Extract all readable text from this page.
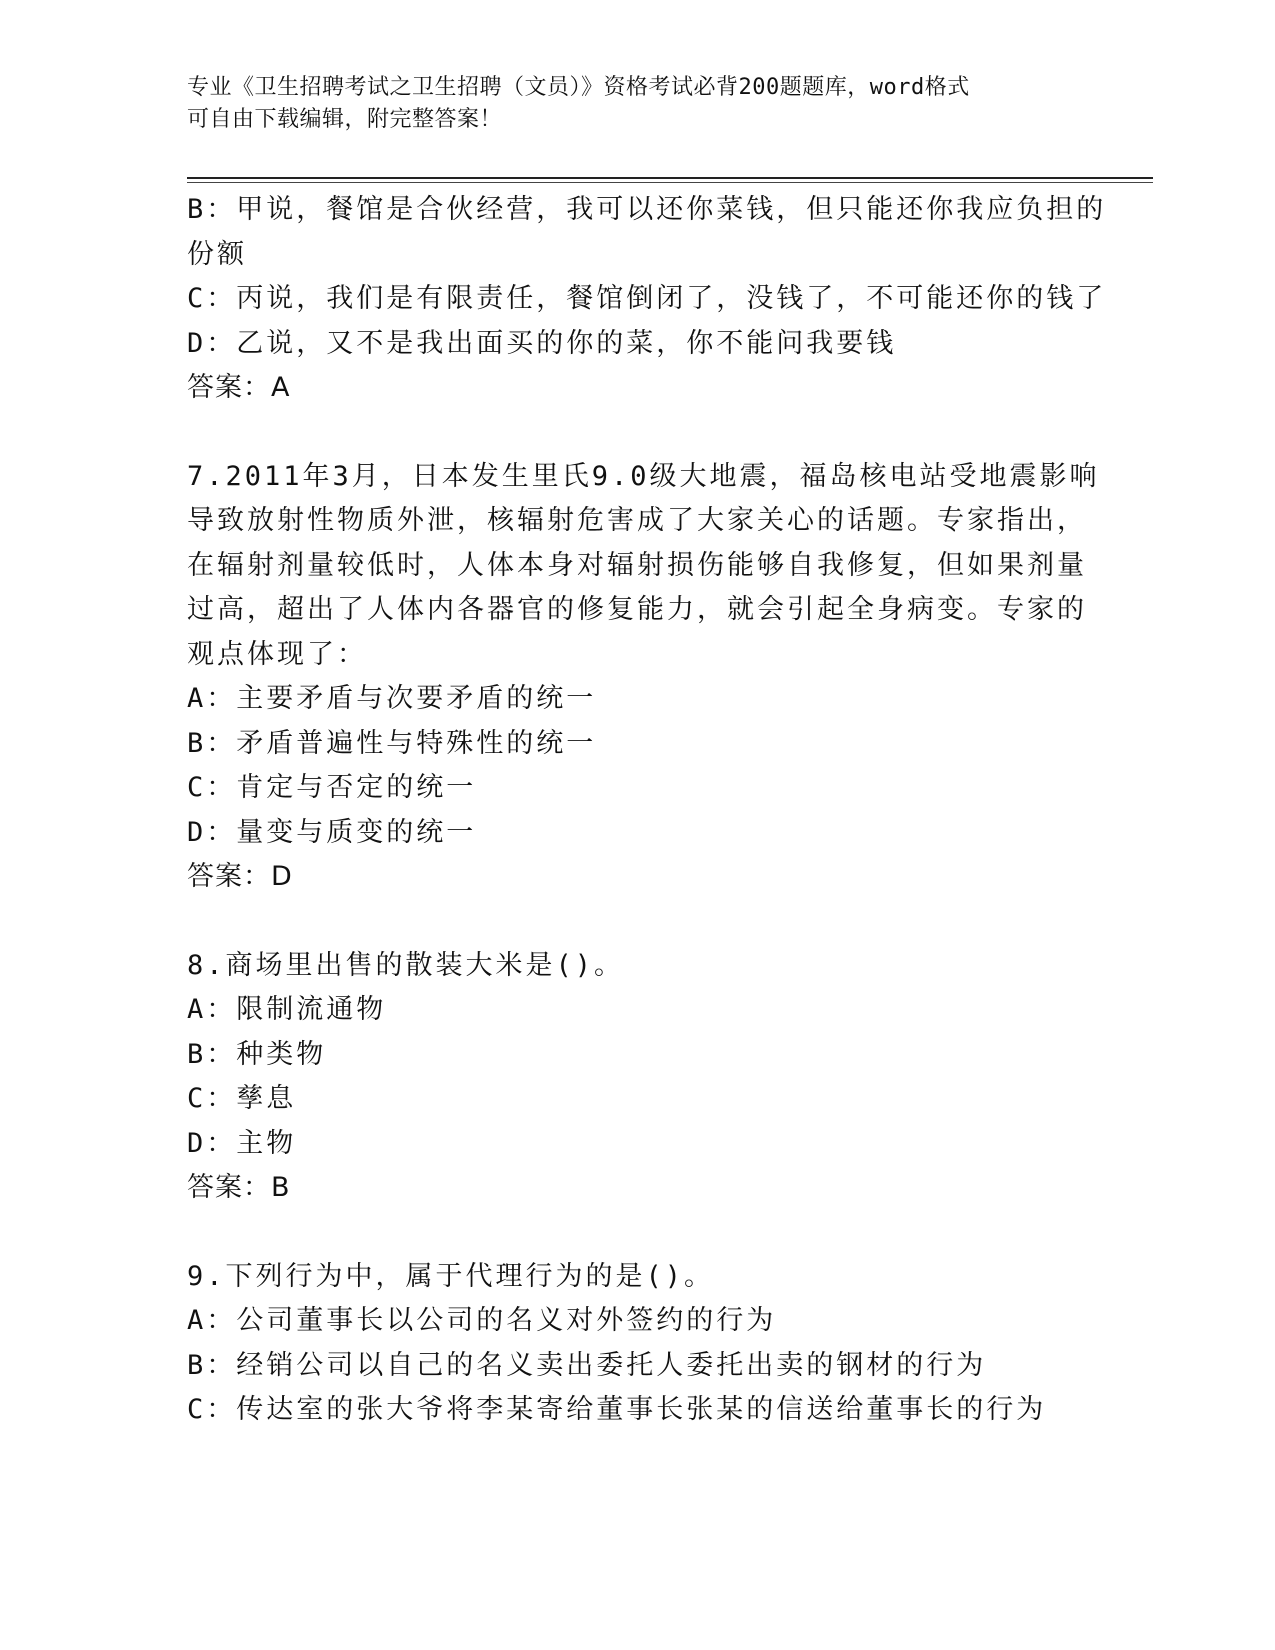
专业《卫生招聘考试之卫生招聘（文员）》资格考试必背200题题库，word格式
可自由下载编辑，附完整答案！
B：甲说，餐馆是合伙经营，我可以还你菜钱，但只能还你我应负担的
份额
C：丙说，我们是有限责任，餐馆倒闭了，没钱了，不可能还你的钱了
D：乙说，又不是我出面买的你的菜，你不能问我要钱
答案：A
7.2011年3月，日本发生里氏9.0级大地震，福岛核电站受地震影响
导致放射性物质外泄，核辐射危害成了大家关心的话题。专家指出，
在辐射剂量较低时，人体本身对辐射损伤能够自我修复，但如果剂量
过高，超出了人体内各器官的修复能力，就会引起全身病变。专家的
观点体现了：
A：主要矛盾与次要矛盾的统一
B：矛盾普遍性与特殊性的统一
C：肯定与否定的统一
D：量变与质变的统一
答案：D
8.商场里出售的散装大米是()。
A：限制流通物
B：种类物
C：孳息
D：主物
答案：B
9.下列行为中，属于代理行为的是()。
A：公司董事长以公司的名义对外签约的行为
B：经销公司以自己的名义卖出委托人委托出卖的钢材的行为
C：传达室的张大爷将李某寄给董事长张某的信送给董事长的行为
